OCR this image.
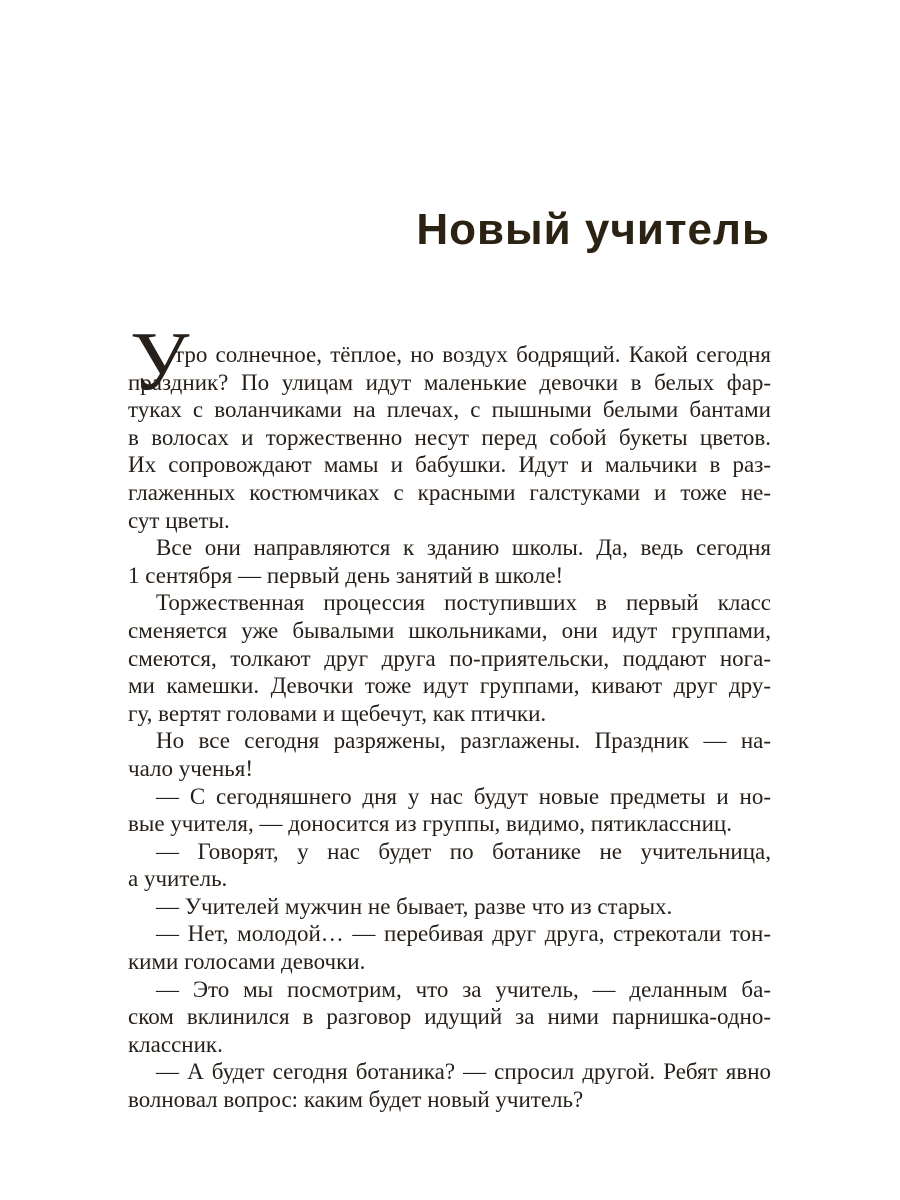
Новый учитель
У
тро солнечное, тёплое, но воздух бодрящий. Какой сегодня
праздник? По улицам идут маленькие девочки в белых фар-
туках с воланчиками на плечах, с пышными белыми бантами
в волосах и торжественно несут перед собой букеты цветов.
Их сопровождают мамы и бабушки. Идут и мальчики в раз-
глаженных костюмчиках с красными галстуками и тоже не-
сут цветы.
Все они направляются к зданию школы. Да, ведь сегодня
1 сентября — первый день занятий в школе!
Торжественная процессия поступивших в первый класс
сменяется уже бывалыми школьниками, они идут группами,
смеются, толкают друг друга по-приятельски, поддают нога-
ми камешки. Девочки тоже идут группами, кивают друг дру-
гу, вертят головами и щебечут, как птички.
Но все сегодня разряжены, разглажены. Праздник — на-
чало ученья!
— С сегодняшнего дня у нас будут новые предметы и но-
вые учителя, — доносится из группы, видимо, пятиклассниц.
— Говорят, у нас будет по ботанике не учительница,
а учитель.
— Учителей мужчин не бывает, разве что из старых.
— Нет, молодой… — перебивая друг друга, стрекотали тон-
кими голосами девочки.
— Это мы посмотрим, что за учитель, — деланным ба-
ском вклинился в разговор идущий за ними парнишка-одно-
классник.
— А будет сегодня ботаника? — спросил другой. Ребят явно
волновал вопрос: каким будет новый учитель?
